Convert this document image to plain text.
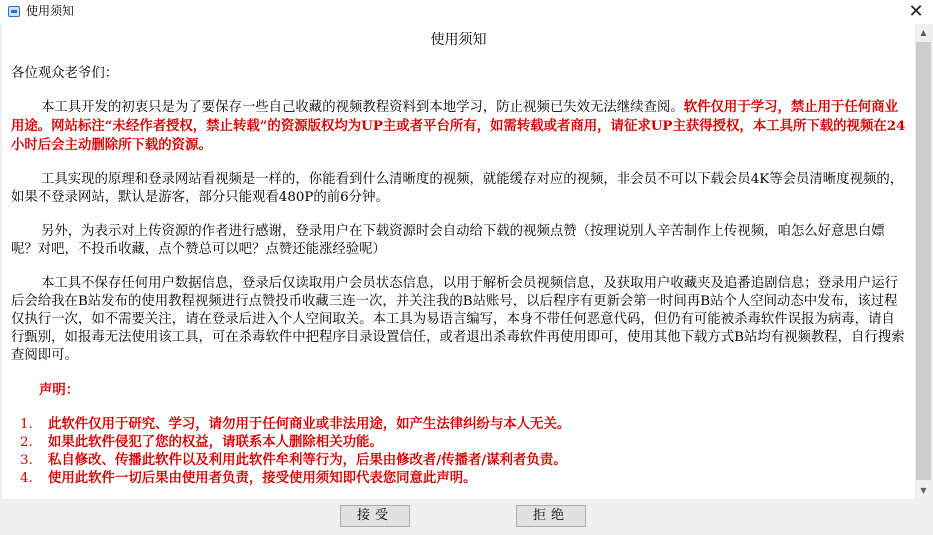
使用须知	✕
使用须知
各位观众老爷们：

本工具开发的初衷只是为了要保存一些自己收藏的视频教程资料到本地学习，防止视频已失效无法继续查阅。软件仅用于学习，禁止用于任何商业用途。网站标注“未经作者授权，禁止转载”的资源版权均为UP主或者平台所有，如需转载或者商用，请征求UP主获得授权，本工具所下载的视频在24小时后会主动删除所下载的资源。

工具实现的原理和登录网站看视频是一样的，你能看到什么清晰度的视频，就能缓存对应的视频，非会员不可以下载会员4K等会员清晰度视频的，如果不登录网站，默认是游客，部分只能观看480P的前6分钟。

另外，为表示对上传资源的作者进行感谢，登录用户在下载资源时会自动给下载的视频点赞（按理说别人辛苦制作上传视频，咱怎么好意思白嫖呢？对吧，不投币收藏，点个赞总可以吧？点赞还能涨经验呢）

本工具不保存任何用户数据信息，登录后仅读取用户会员状态信息，以用于解析会员视频信息，及获取用户收藏夹及追番追剧信息；登录用户运行后会给我在B站发布的使用教程视频进行点赞投币收藏三连一次，并关注我的B站账号，以后程序有更新会第一时间再B站个人空间动态中发布，该过程仅执行一次，如不需要关注，请在登录后进入个人空间取关。本工具为易语言编写，本身不带任何恶意代码，但仍有可能被杀毒软件误报为病毒，请自行甄别，如报毒无法使用该工具，可在杀毒软件中把程序目录设置信任，或者退出杀毒软件再使用即可，使用其他下载方式B站均有视频教程，自行搜索查阅即可。

声明：
1. 此软件仅用于研究、学习，请勿用于任何商业或非法用途，如产生法律纠纷与本人无关。
2. 如果此软件侵犯了您的权益，请联系本人删除相关功能。
3. 私自修改、传播此软件以及利用此软件牟利等行为，后果由修改者/传播者/谋利者负责。
4. 使用此软件一切后果由使用者负责，接受使用须知即代表您同意此声明。
▲
▼
接受	拒绝
